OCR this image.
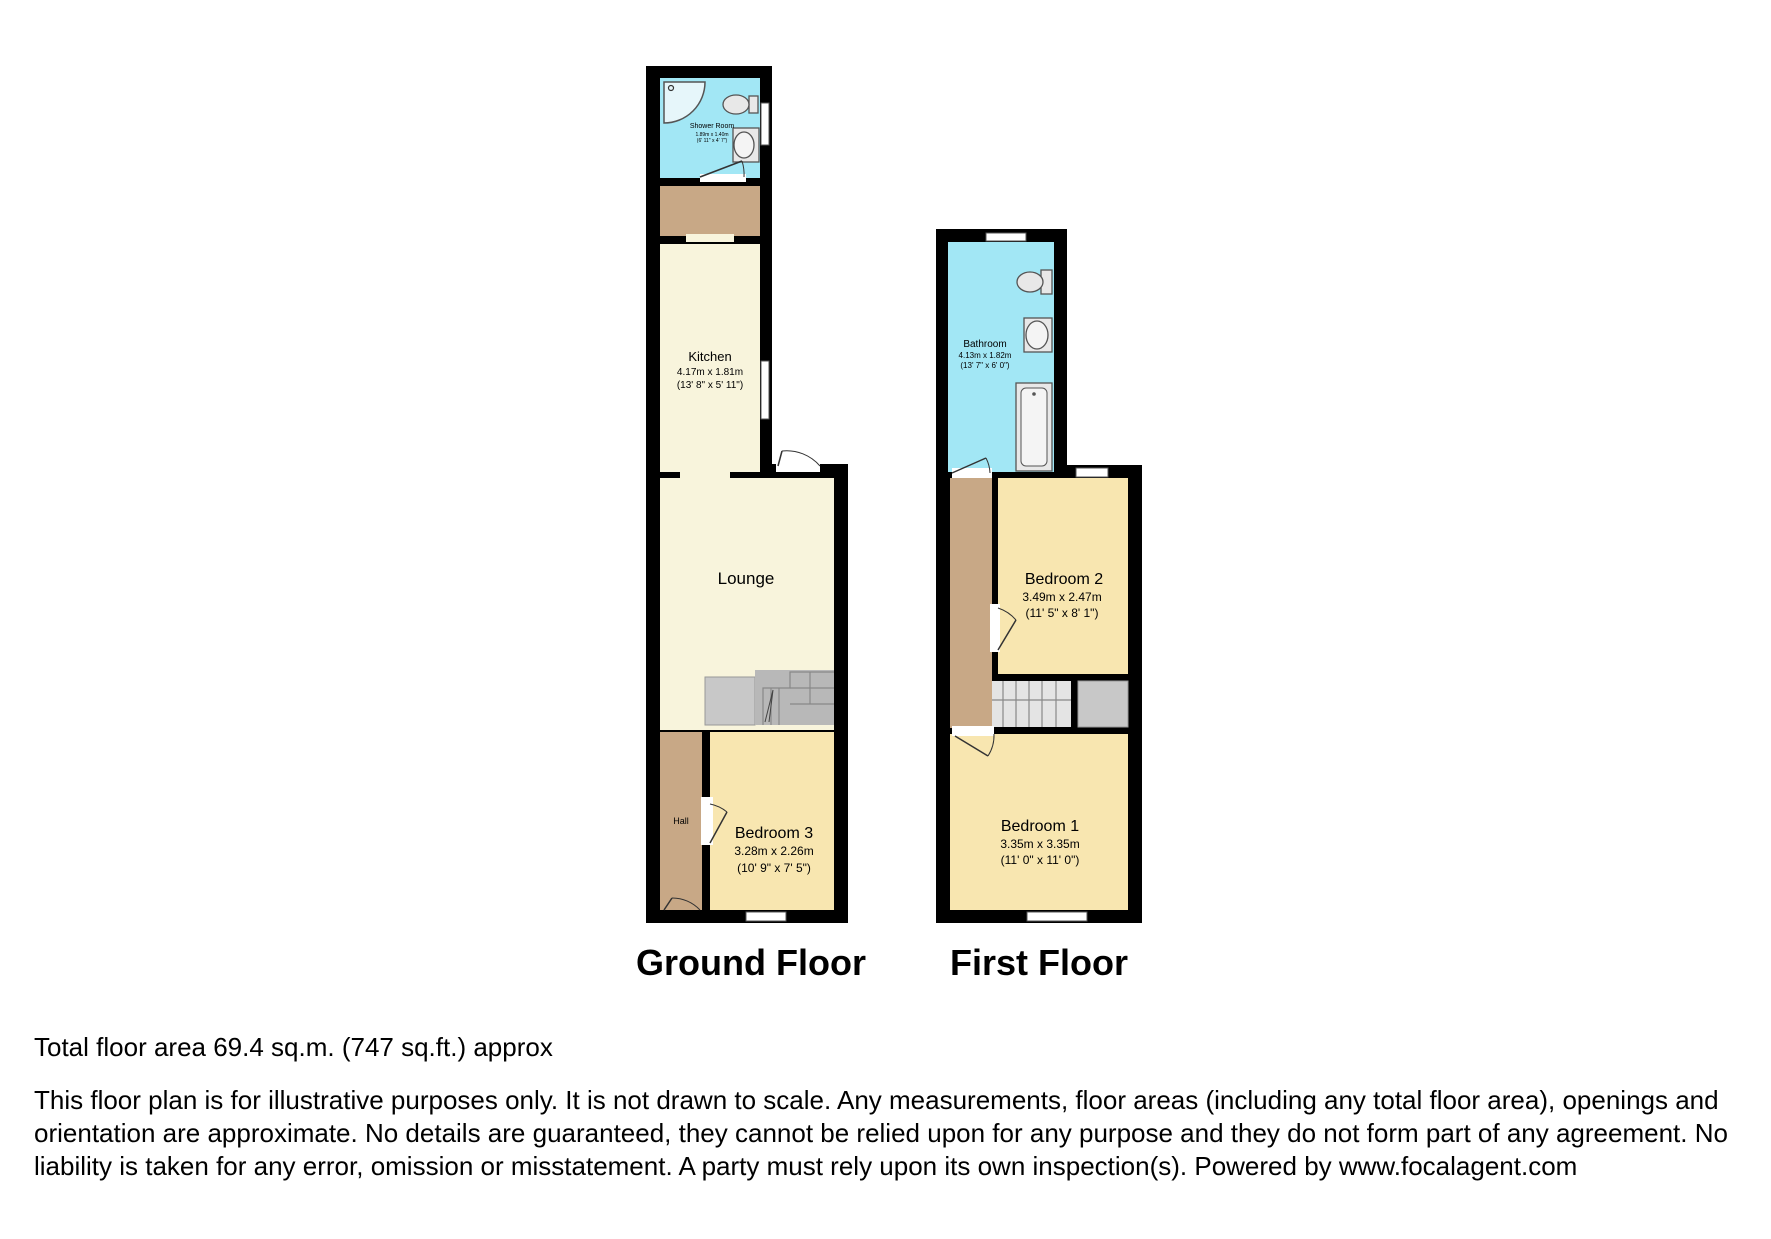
Shower Room
1.89m x 1.40m
(6' 11" x 4' 7")
Kitchen
4.17m x 1.81m
(13' 8" x 5' 11")
Lounge
Hall
Bedroom 3
3.28m x 2.26m
(10' 9" x 7' 5")
Ground Floor
Bathroom
4.13m x 1.82m
(13' 7" x 6' 0")
Bedroom 2
3.49m x 2.47m
(11' 5" x 8' 1")
Bedroom 1
3.35m x 3.35m
(11' 0" x 11' 0")
First Floor
Total floor area 69.4 sq.m. (747 sq.ft.) approx
This floor plan is for illustrative purposes only. It is not drawn to scale. Any measurements, floor areas (including any total floor area), openings and orientation are approximate. No details are guaranteed, they cannot be relied upon for any purpose and they do not form part of any agreement. No liability is taken for any error, omission or misstatement. A party must rely upon its own inspection(s). Powered by www.focalagent.com
